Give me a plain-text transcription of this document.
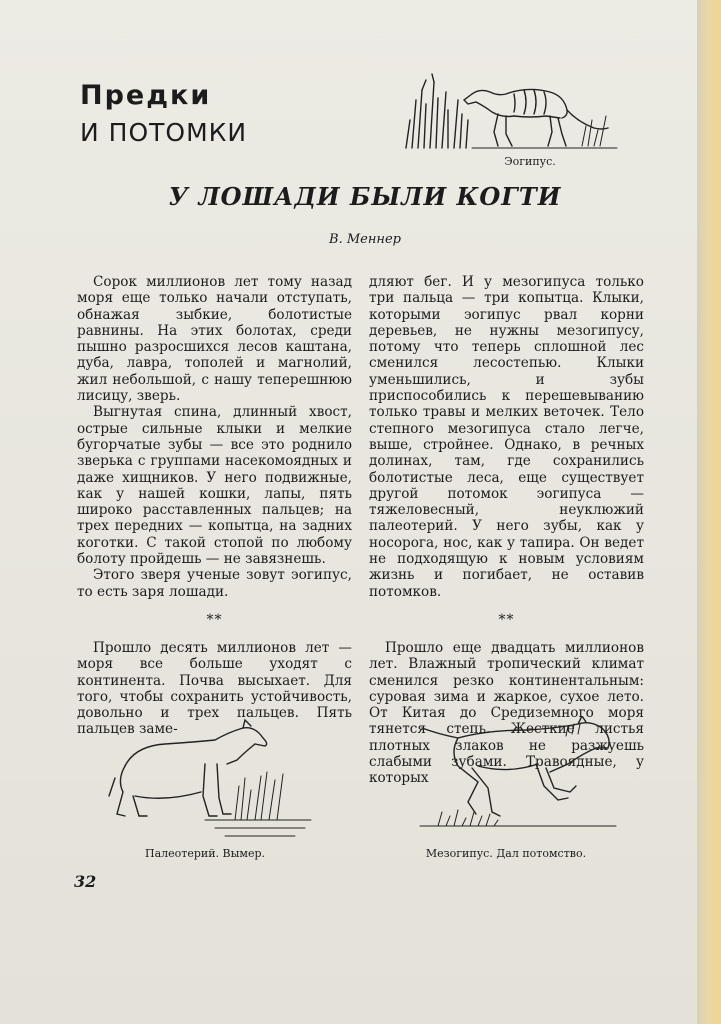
Предки
И ПОТОМКИ
Эогипус.
У ЛОШАДИ БЫЛИ КОГТИ
В. Меннер

Сорок миллионов лет тому назад моря еще только начали отступать, обнажая зыбкие, болотистые равнины. На этих болотах, среди пышно разросшихся лесов каштана, дуба, лавра, тополей и магнолий, жил небольшой, с нашу теперешнюю лисицу, зверь.

Выгнутая спина, длинный хвост, острые сильные клыки и мелкие бугорчатые зубы — все это роднило зверька с группами насекомоядных и даже хищников. У него подвижные, как у нашей кошки, лапы, пять широко расставленных пальцев; на трех передних — копытца, на задних коготки. С такой стопой по любому болоту пройдешь — не завязнешь.

Этого зверя ученые зовут эогипус, то есть заря лошади.

**

Прошло десять миллионов лет — моря все больше уходят с континента. Почва высыхает. Для того, чтобы сохранить устойчивость, довольно и трех пальцев. Пять пальцев заме-

дляют бег. И у мезогипуса только три пальца — три копытца. Клыки, которыми эогипус рвал корни деревьев, не нужны мезогипусу, потому что теперь сплошной лес сменился лесостепью. Клыки уменьшились, и зубы приспособились к перешевыванию только травы и мелких веточек. Тело степного мезогипуса стало легче, выше, стройнее. Однако, в речных долинах, там, где сохранились болотистые леса, еще существует другой потомок эогипуса — тяжеловесный, неуклюжий палеотерий. У него зубы, как у носорога, нос, как у тапира. Он ведет не подходящую к новым условиям жизнь и погибает, не оставив потомков.

**

Прошло еще двадцать миллионов лет. Влажный тропический климат сменился резко континентальным: суровая зима и жаркое, сухое лето. От Китая до Средиземного моря тянется степь. Жесткие листья плотных злаков не разжуешь слабыми зубами. Травоядные, у которых

Палеотерий. Вымер.	Мезогипус. Дал потомство.
32
